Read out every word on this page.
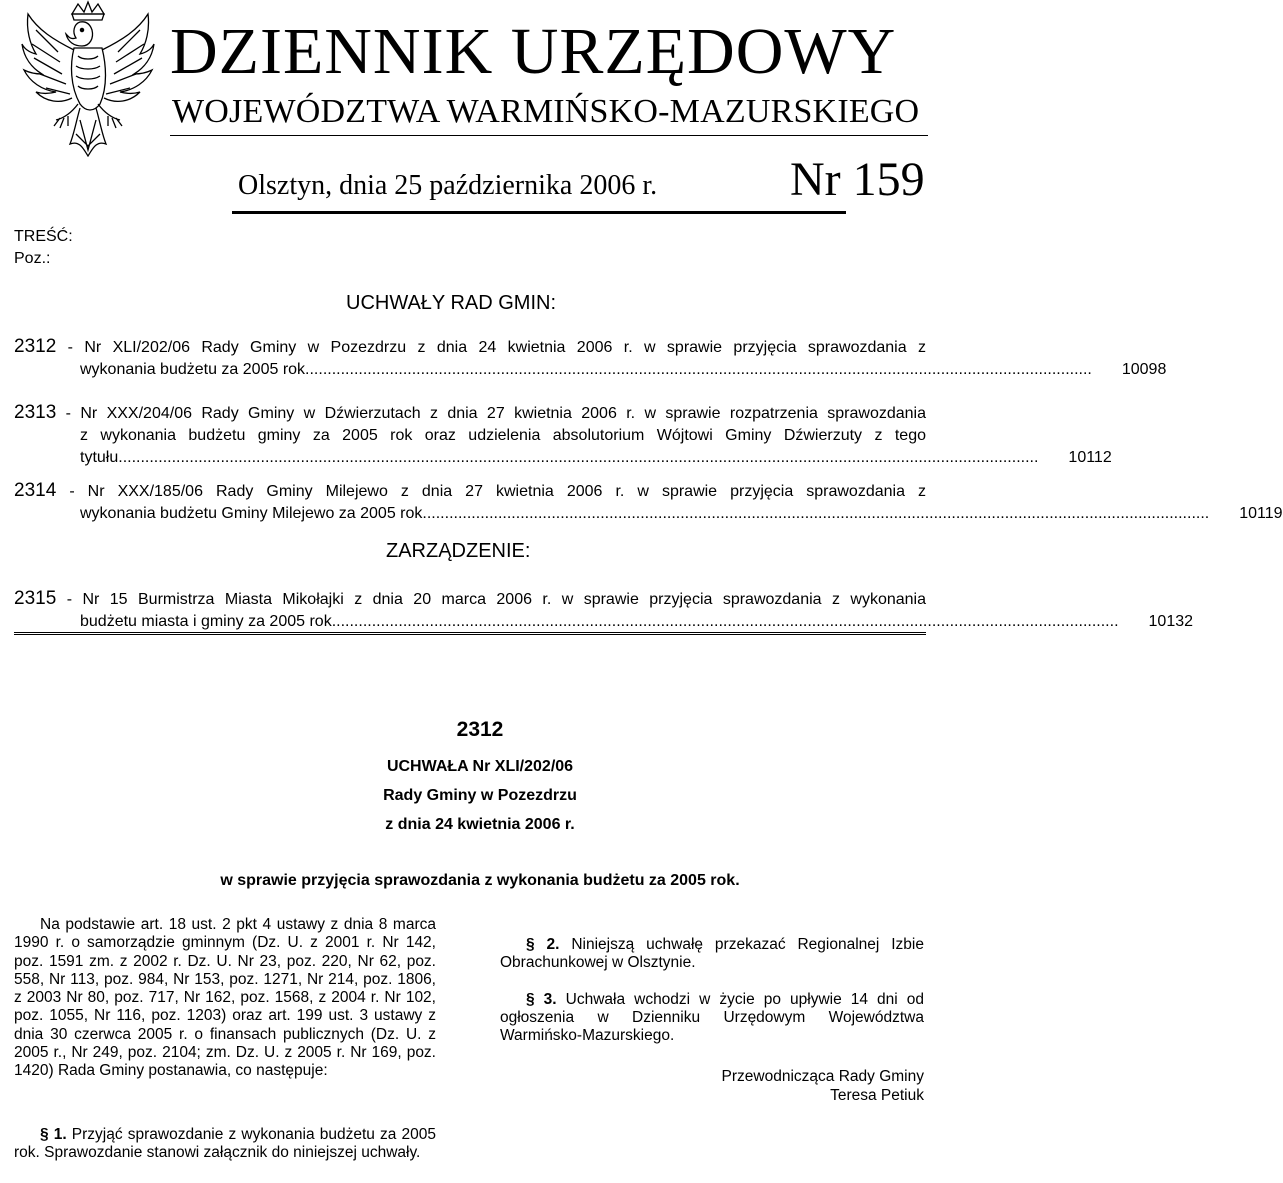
DZIENNIK URZĘDOWY
WOJEWÓDZTWA WARMIŃSKO-MAZURSKIEGO
Olsztyn, dnia 25 października 2006 r.	Nr 159
TREŚĆ:
Poz.:
UCHWAŁY RAD GMIN:
2312 - Nr XLI/202/06 Rady Gminy w Pozezdrzu z dnia 24 kwietnia 2006 r. w sprawie przyjęcia sprawozdania z
wykonania budżetu za 2005 rok. ................................................................................................................................................................................	10098
2313 - Nr XXX/204/06 Rady Gminy w Dźwierzutach z dnia 27 kwietnia 2006 r. w sprawie rozpatrzenia sprawozdania
z wykonania budżetu gminy za 2005 rok oraz udzielenia absolutorium Wójtowi Gminy Dźwierzuty z tego
tytułu. ..............................................................................................................................................................................................................	10112
2314 - Nr XXX/185/06 Rady Gminy Milejewo z dnia 27 kwietnia 2006 r. w sprawie przyjęcia sprawozdania z
wykonania budżetu Gminy Milejewo za 2005 rok. ................................................................................................................................................................................	10119
ZARZĄDZENIE:
2315 - Nr 15 Burmistrza Miasta Mikołajki z dnia 20 marca 2006 r. w sprawie przyjęcia sprawozdania z wykonania
budżetu miasta i gminy za 2005 rok. ................................................................................................................................................................................	10132
2312
UCHWAŁA Nr XLI/202/06
Rady Gminy w Pozezdrzu
z dnia 24 kwietnia 2006 r.
w sprawie przyjęcia sprawozdania z wykonania budżetu za 2005 rok.

Na podstawie art. 18 ust. 2 pkt 4 ustawy z dnia 8 marca 1990 r. o samorządzie gminnym (Dz. U. z 2001 r. Nr 142, poz. 1591 zm. z 2002 r. Dz. U. Nr 23, poz. 220, Nr 62, poz. 558, Nr 113, poz. 984, Nr 153, poz. 1271, Nr 214, poz. 1806, z 2003 Nr 80, poz. 717, Nr 162, poz. 1568, z 2004 r. Nr 102, poz. 1055, Nr 116, poz. 1203) oraz art. 199 ust. 3 ustawy z dnia 30 czerwca 2005 r. o finansach publicznych (Dz. U. z 2005 r., Nr 249, poz. 2104; zm. Dz. U. z 2005 r. Nr 169, poz. 1420) Rada Gminy postanawia, co następuje:

§ 1. Przyjąć sprawozdanie z wykonania budżetu za 2005 rok. Sprawozdanie stanowi załącznik do niniejszej uchwały.

§ 2. Niniejszą uchwałę przekazać Regionalnej Izbie Obrachunkowej w Olsztynie.

§ 3. Uchwała wchodzi w życie po upływie 14 dni od ogłoszenia w Dzienniku Urzędowym Województwa Warmińsko-Mazurskiego.

Przewodnicząca Rady Gminy
Teresa Petiuk
